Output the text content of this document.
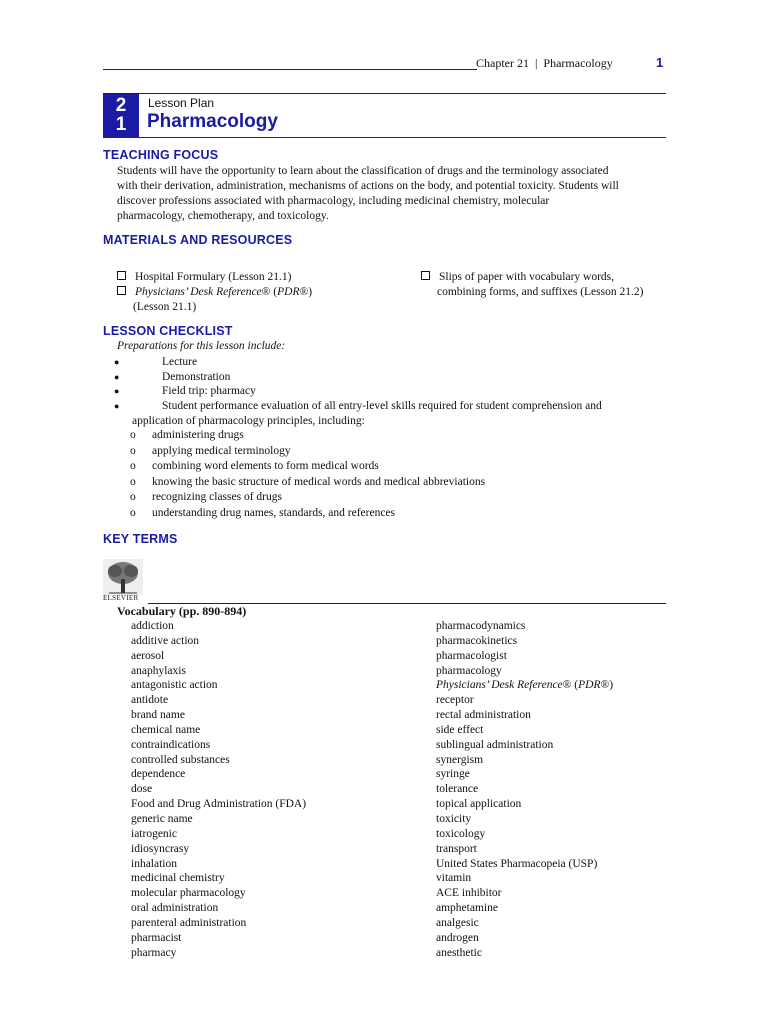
Chapter 21 | Pharmacology	1
2
1
Lesson Plan
Pharmacology
TEACHING FOCUS
Students will have the opportunity to learn about the classification of drugs and the terminology associated
with their derivation, administration, mechanisms of actions on the body, and potential toxicity. Students will
discover professions associated with pharmacology, including medicinal chemistry, molecular
pharmacology, chemotherapy, and toxicology.
MATERIALS AND RESOURCES
Hospital Formulary (Lesson 21.1)
Physicians’ Desk Reference® (PDR®)
(Lesson 21.1)
Slips of paper with vocabulary words,
combining forms, and suffixes (Lesson 21.2)
LESSON CHECKLIST
Preparations for this lesson include:
●	Lecture
●	Demonstration
●	Field trip: pharmacy
●	Student performance evaluation of all entry-level skills required for student comprehension and
application of pharmacology principles, including:
o administering drugs
o applying medical terminology
o combining word elements to form medical words
o knowing the basic structure of medical words and medical abbreviations
o recognizing classes of drugs
o understanding drug names, standards, and references
KEY TERMS
ELSEVIER
Vocabulary (pp. 890-894)
addiction
additive action
aerosol
anaphylaxis
antagonistic action
antidote
brand name
chemical name
contraindications
controlled substances
dependence
dose
Food and Drug Administration (FDA)
generic name
iatrogenic
idiosyncrasy
inhalation
medicinal chemistry
molecular pharmacology
oral administration
parenteral administration
pharmacist
pharmacy
pharmacodynamics
pharmacokinetics
pharmacologist
pharmacology
Physicians’ Desk Reference® (PDR®)
receptor
rectal administration
side effect
sublingual administration
synergism
syringe
tolerance
topical application
toxicity
toxicology
transport
United States Pharmacopeia (USP)
vitamin
ACE inhibitor
amphetamine
analgesic
androgen
anesthetic
